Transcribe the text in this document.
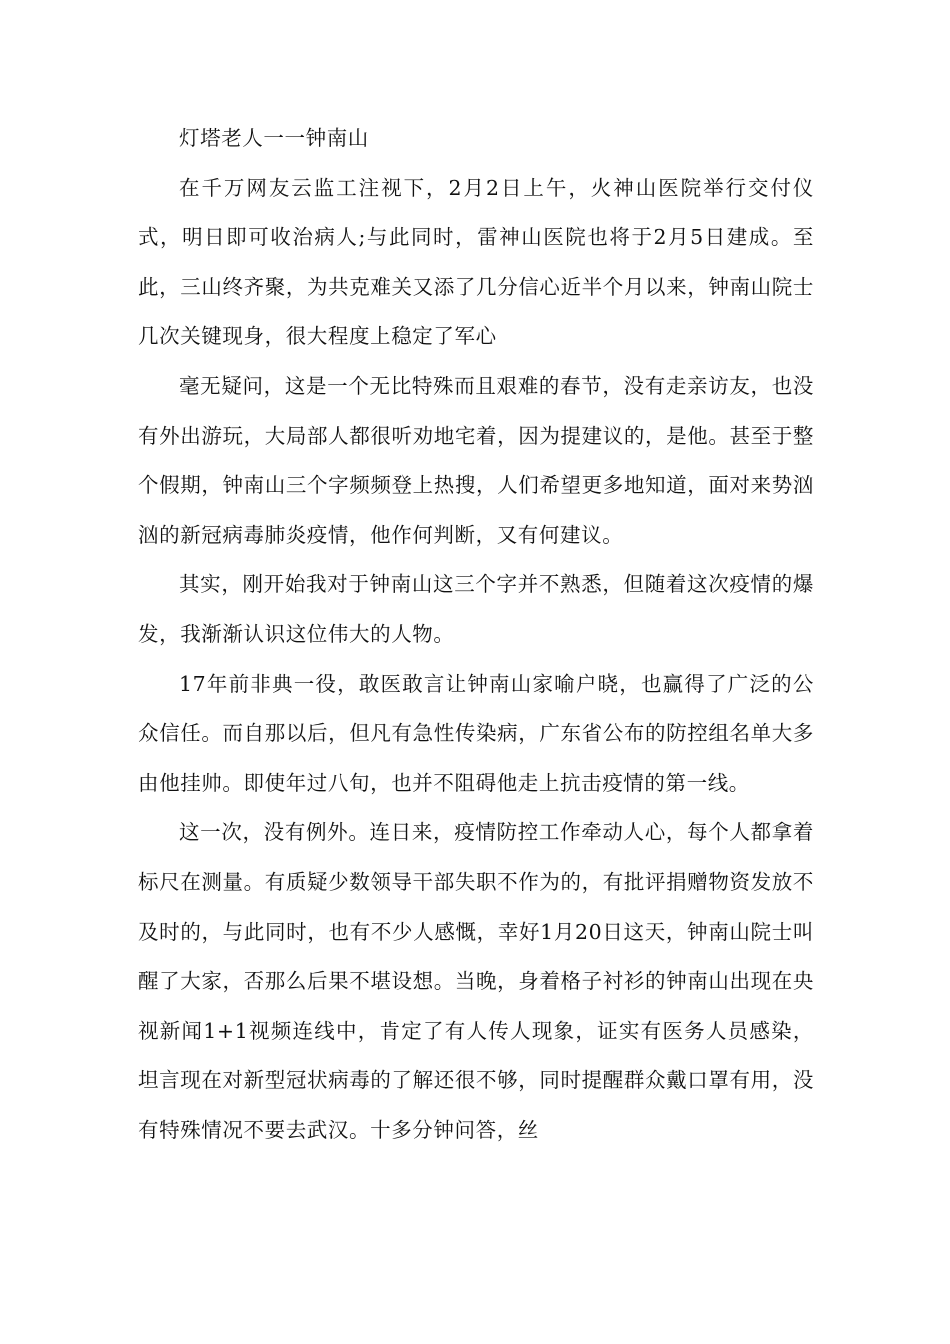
灯塔老人一一钟南山

在千万网友云监工注视下，2月2日上午，火神山医院举行交付仪式，明日即可收治病人;与此同时，雷神山医院也将于2月5日建成。至此，三山终齐聚，为共克难关又添了几分信心近半个月以来，钟南山院士几次关键现身，很大程度上稳定了军心

毫无疑问，这是一个无比特殊而且艰难的春节，没有走亲访友，也没有外出游玩，大局部人都很听劝地宅着，因为提建议的，是他。甚至于整个假期，钟南山三个字频频登上热搜，人们希望更多地知道，面对来势汹汹的新冠病毒肺炎疫情，他作何判断，又有何建议。

其实，刚开始我对于钟南山这三个字并不熟悉，但随着这次疫情的爆发，我渐渐认识这位伟大的人物。

17年前非典一役，敢医敢言让钟南山家喻户晓，也赢得了广泛的公众信任。而自那以后，但凡有急性传染病，广东省公布的防控组名单大多由他挂帅。即使年过八旬，也并不阻碍他走上抗击疫情的第一线。

这一次，没有例外。连日来，疫情防控工作牵动人心，每个人都拿着标尺在测量。有质疑少数领导干部失职不作为的，有批评捐赠物资发放不及时的，与此同时，也有不少人感慨，幸好1月20日这天，钟南山院士叫醒了大家，否那么后果不堪设想。当晚，身着格子衬衫的钟南山出现在央视新闻1+1视频连线中，肯定了有人传人现象，证实有医务人员感染，坦言现在对新型冠状病毒的了解还很不够，同时提醒群众戴口罩有用，没有特殊情况不要去武汉。十多分钟问答，丝
